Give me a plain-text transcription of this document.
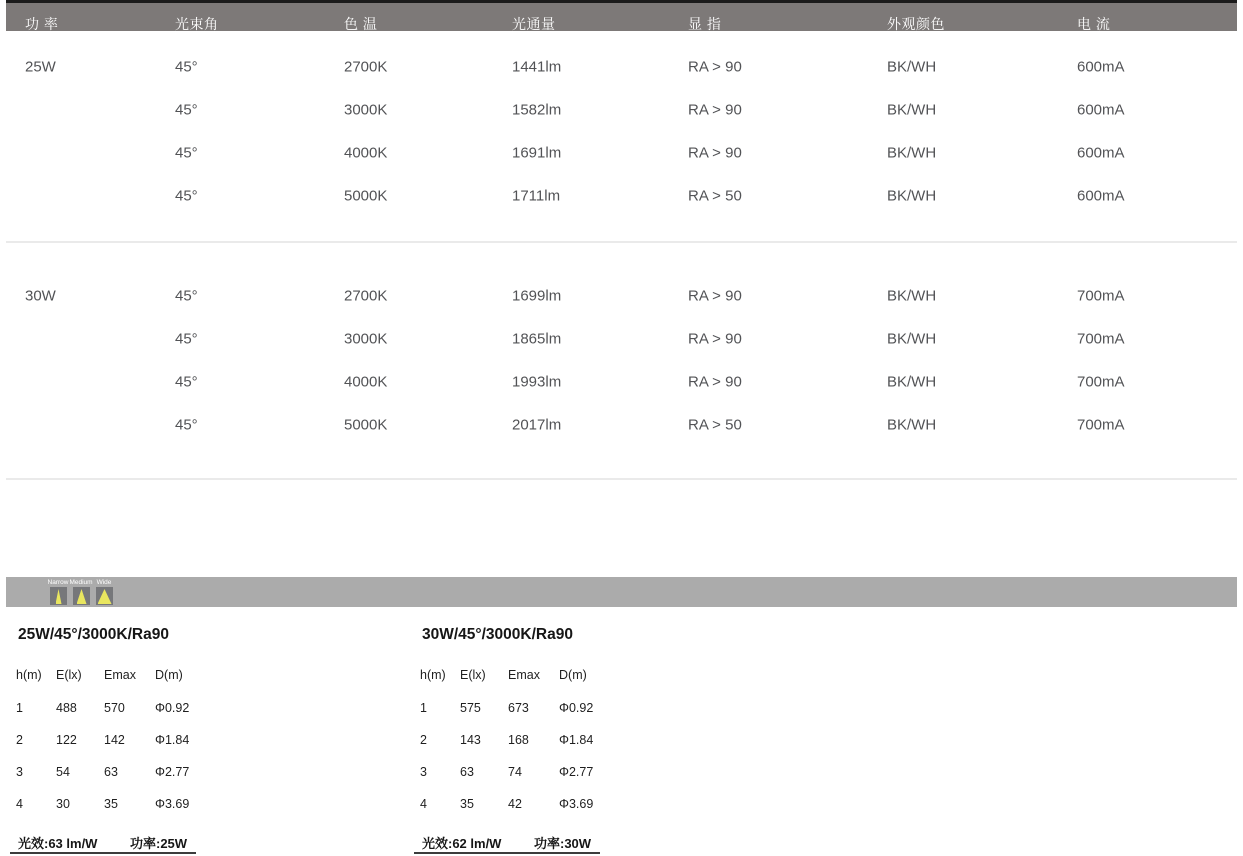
功 率	光束角	色 温	光通量	显 指	外观颜色	电 流
25W	45°	2700K	1441lm	RA > 90	BK/WH	600mA
45°	3000K	1582lm	RA > 90	BK/WH	600mA
45°	4000K	1691lm	RA > 90	BK/WH	600mA
45°	5000K	1711lm	RA > 50	BK/WH	600mA
30W	45°	2700K	1699lm	RA > 90	BK/WH	700mA
45°	3000K	1865lm	RA > 90	BK/WH	700mA
45°	4000K	1993lm	RA > 90	BK/WH	700mA
45°	5000K	2017lm	RA > 50	BK/WH	700mA
Narrow Medium Wide
25W/45°/3000K/Ra90
h(m) E(lx) Emax D(m)
1	488 570 Φ0.92
2	122 142 Φ1.84
3	54	63	Φ2.77
4	30	35	Φ3.69
光效:63 lm/W	功率:25W
30W/45°/3000K/Ra90
h(m) E(lx) Emax D(m)
1	575 673 Φ0.92
2	143 168 Φ1.84
3	63	74	Φ2.77
4	35	42	Φ3.69
光效:62 lm/W	功率:30W
